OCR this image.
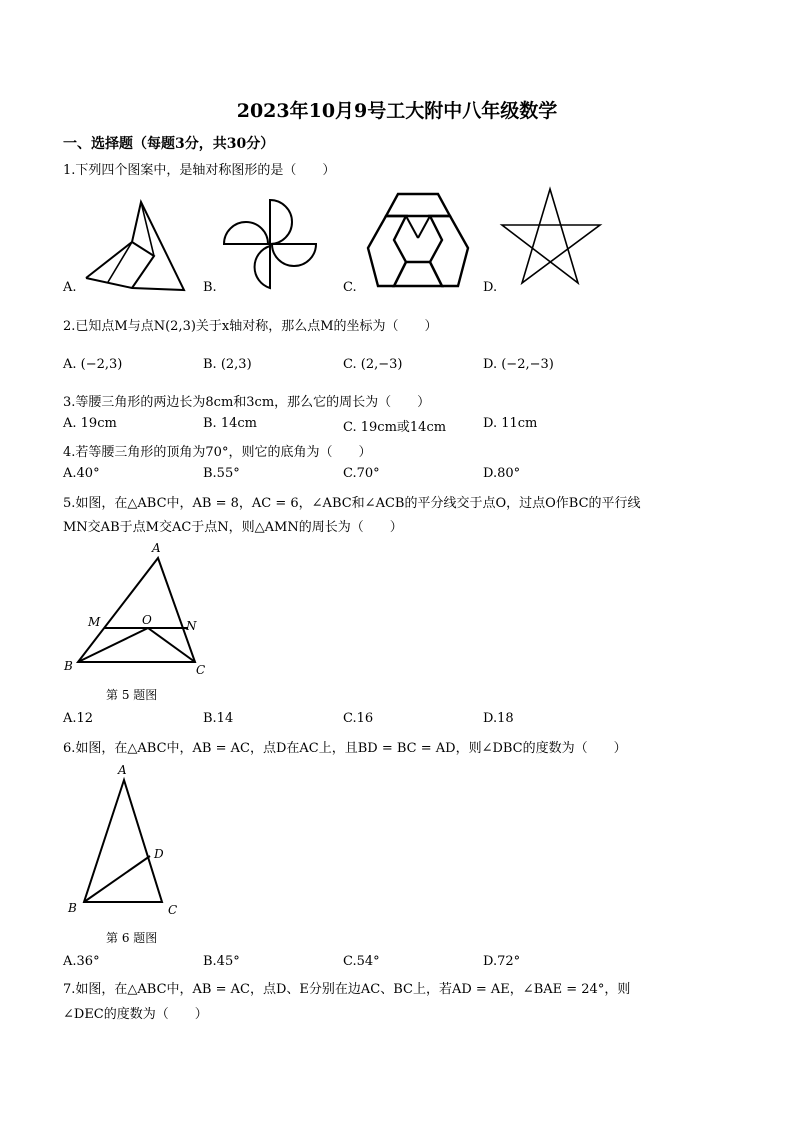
2023年10月9号工大附中八年级数学
一、选择题（每题3分，共30分）
1.下列四个图案中，是轴对称图形的是（　　）
A.	B.	C.	D.
2.已知点M与点N(2,3)关于x轴对称，那么点M的坐标为（　　）
A. (−2,3)	B. (2,3)	C. (2,−3)	D. (−2,−3)
3.等腰三角形的两边长为8cm和3cm，那么它的周长为（　　）
A. 19cm	B. 14cm	C. 19cm或14cm	D. 11cm
4.若等腰三角形的顶角为70°，则它的底角为（　　）
A.40°	B.55°	C.70°	D.80°
5.如图，在△ABC中，AB = 8，AC = 6，∠ABC和∠ACB的平分线交于点O，过点O作BC的平行线
MN交AB于点M交AC于点N，则△AMN的周长为（　　）
A
M	O	N
B	C
第 5 题图
A.12	B.14	C.16	D.18
6.如图，在△ABC中，AB = AC，点D在AC上，且BD = BC = AD，则∠DBC的度数为（　　）
A
D
B	C
第 6 题图
A.36°	B.45°	C.54°	D.72°
7.如图，在△ABC中，AB = AC，点D、E分别在边AC、BC上，若AD = AE，∠BAE = 24°，则
∠DEC的度数为（　　）
